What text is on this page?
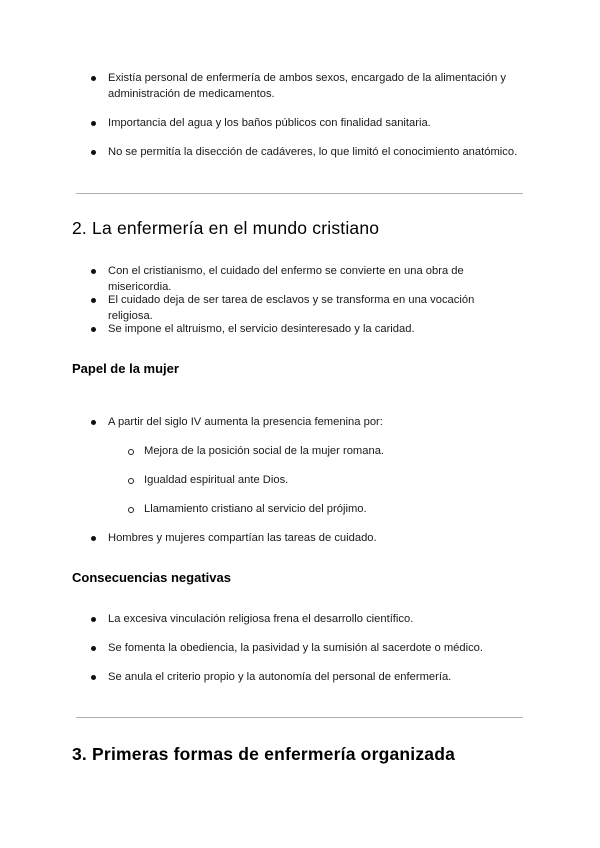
Existía personal de enfermería de ambos sexos, encargado de la alimentación y administración de medicamentos.

Importancia del agua y los baños públicos con finalidad sanitaria.

No se permitía la disección de cadáveres, lo que limitó el conocimiento anatómico.

2. La enfermería en el mundo cristiano

Con el cristianismo, el cuidado del enfermo se convierte en una obra de misericordia.

El cuidado deja de ser tarea de esclavos y se transforma en una vocación religiosa.

Se impone el altruismo, el servicio desinteresado y la caridad.

Papel de la mujer

A partir del siglo IV aumenta la presencia femenina por:

Mejora de la posición social de la mujer romana.

Igualdad espiritual ante Dios.

Llamamiento cristiano al servicio del prójimo.

Hombres y mujeres compartían las tareas de cuidado.

Consecuencias negativas

La excesiva vinculación religiosa frena el desarrollo científico.

Se fomenta la obediencia, la pasividad y la sumisión al sacerdote o médico.

Se anula el criterio propio y la autonomía del personal de enfermería.

3. Primeras formas de enfermería organizada
